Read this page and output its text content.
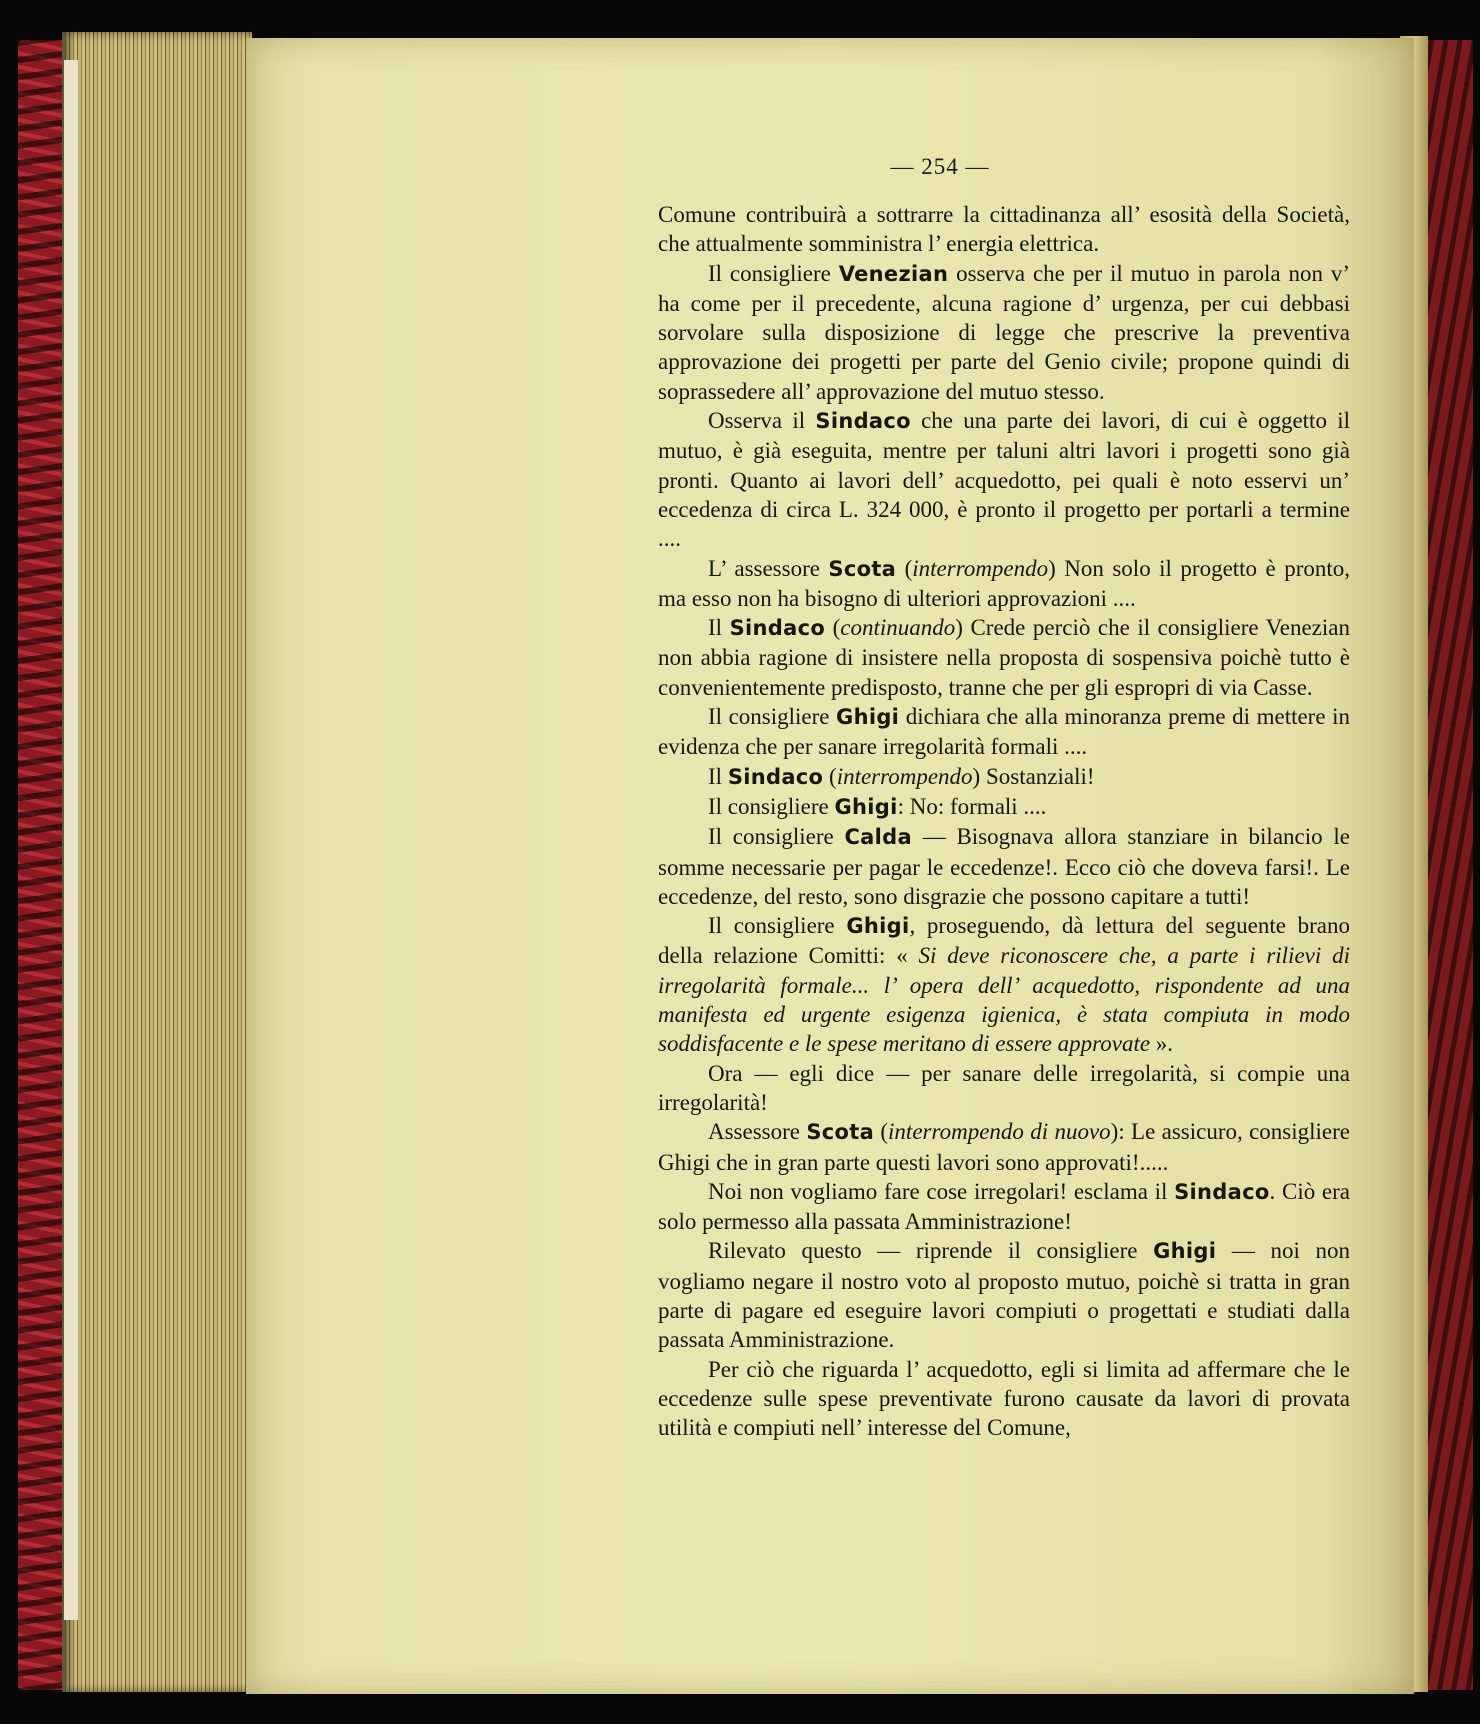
— 254 —

Comune contribuirà a sottrarre la cittadinanza all’ esosità della Società, che attualmente somministra l’ energia elettrica.

Il consigliere Venezian osserva che per il mutuo in parola non v’ ha come per il precedente, alcuna ragione d’ urgenza, per cui debbasi sorvolare sulla disposizione di legge che prescrive la preventiva approvazione dei progetti per parte del Genio civile; propone quindi di soprassedere all’ approvazione del mutuo stesso.

Osserva il Sindaco che una parte dei lavori, di cui è oggetto il mutuo, è già eseguita, mentre per taluni altri lavori i progetti sono già pronti. Quanto ai lavori dell’ acquedotto, pei quali è noto esservi un’ eccedenza di circa L. 324 000, è pronto il progetto per portarli a termine ....

L’ assessore Scota (interrompendo) Non solo il progetto è pronto, ma esso non ha bisogno di ulteriori approvazioni ....

Il Sindaco (continuando) Crede perciò che il consigliere Venezian non abbia ragione di insistere nella proposta di sospensiva poichè tutto è convenientemente predisposto, tranne che per gli espropri di via Casse.

Il consigliere Ghigi dichiara che alla minoranza preme di mettere in evidenza che per sanare irregolarità formali ....

Il Sindaco (interrompendo) Sostanziali!

Il consigliere Ghigi: No: formali ....

Il consigliere Calda — Bisognava allora stanziare in bilancio le somme necessarie per pagar le eccedenze!. Ecco ciò che doveva farsi!. Le eccedenze, del resto, sono disgrazie che possono capitare a tutti!

Il consigliere Ghigi, proseguendo, dà lettura del seguente brano della relazione Comitti: « Si deve riconoscere che, a parte i rilievi di irregolarità formale... l’ opera dell’ acquedotto, rispondente ad una manifesta ed urgente esigenza igienica, è stata compiuta in modo soddisfacente e le spese meritano di essere approvate ».

Ora — egli dice — per sanare delle irregolarità, si compie una irregolarità!

Assessore Scota (interrompendo di nuovo): Le assicuro, consigliere Ghigi che in gran parte questi lavori sono approvati!.....

Noi non vogliamo fare cose irregolari! esclama il Sindaco. Ciò era solo permesso alla passata Amministrazione!

Rilevato questo — riprende il consigliere Ghigi — noi non vogliamo negare il nostro voto al proposto mutuo, poichè si tratta in gran parte di pagare ed eseguire lavori compiuti o progettati e studiati dalla passata Amministrazione.

Per ciò che riguarda l’ acquedotto, egli si limita ad affermare che le eccedenze sulle spese preventivate furono causate da lavori di provata utilità e compiuti nell’ interesse del Comune,
